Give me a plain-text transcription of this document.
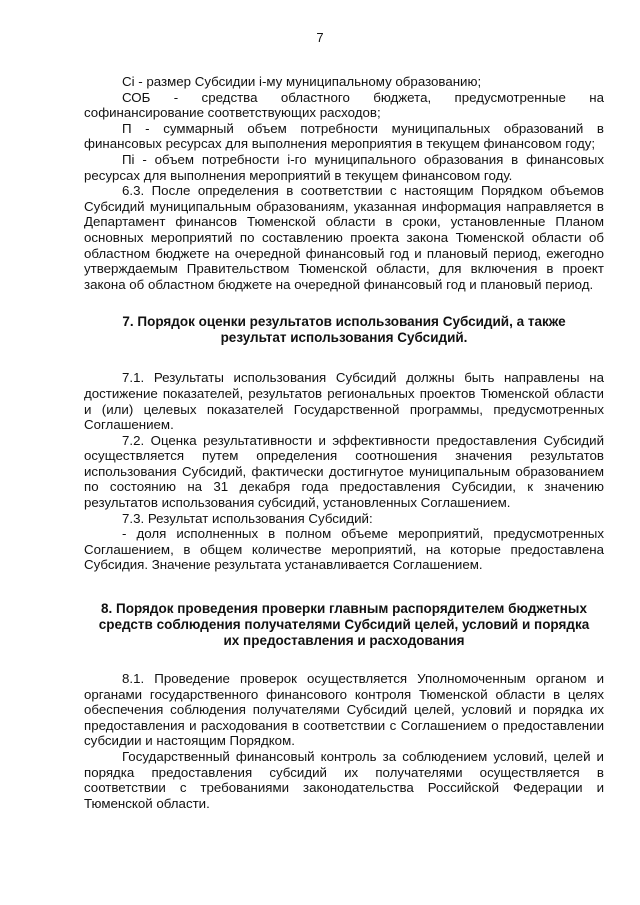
7

Сi - размер Субсидии i-му муниципальному образованию;

СОБ - средства областного бюджета, предусмотренные на софинансирование соответствующих расходов;

П - суммарный объем потребности муниципальных образований в финансовых ресурсах для выполнения мероприятия в текущем финансовом году;

Пi - объем потребности i-го муниципального образования в финансовых ресурсах для выполнения мероприятий в текущем финансовом году.

6.3. После определения в соответствии с настоящим Порядком объемов Субсидий муниципальным образованиям, указанная информация направляется в Департамент финансов Тюменской области в сроки, установленные Планом основных мероприятий по составлению проекта закона Тюменской области об областном бюджете на очередной финансовый год и плановый период, ежегодно утверждаемым Правительством Тюменской области, для включения в проект закона об областном бюджете на очередной финансовый год и плановый период.

7. Порядок оценки результатов использования Субсидий, а также
результат использования Субсидий.

7.1. Результаты использования Субсидий должны быть направлены на достижение показателей, результатов региональных проектов Тюменской области и (или) целевых показателей Государственной программы, предусмотренных Соглашением.

7.2. Оценка результативности и эффективности предоставления Субсидий осуществляется путем определения соотношения значения результатов использования Субсидий, фактически достигнутое муниципальным образованием по состоянию на 31 декабря года предоставления Субсидии, к значению результатов использования субсидий, установленных Соглашением.

7.3. Результат использования Субсидий:

- доля исполненных в полном объеме мероприятий, предусмотренных Соглашением, в общем количестве мероприятий, на которые предоставлена Субсидия. Значение результата устанавливается Соглашением.

8. Порядок проведения проверки главным распорядителем бюджетных
средств соблюдения получателями Субсидий целей, условий и порядка
их предоставления и расходования

8.1. Проведение проверок осуществляется Уполномоченным органом и органами государственного финансового контроля Тюменской области в целях обеспечения соблюдения получателями Субсидий целей, условий и порядка их предоставления и расходования в соответствии с Соглашением о предоставлении субсидии и настоящим Порядком.

Государственный финансовый контроль за соблюдением условий, целей и порядка предоставления субсидий их получателями осуществляется в соответствии с требованиями законодательства Российской Федерации и Тюменской области.
